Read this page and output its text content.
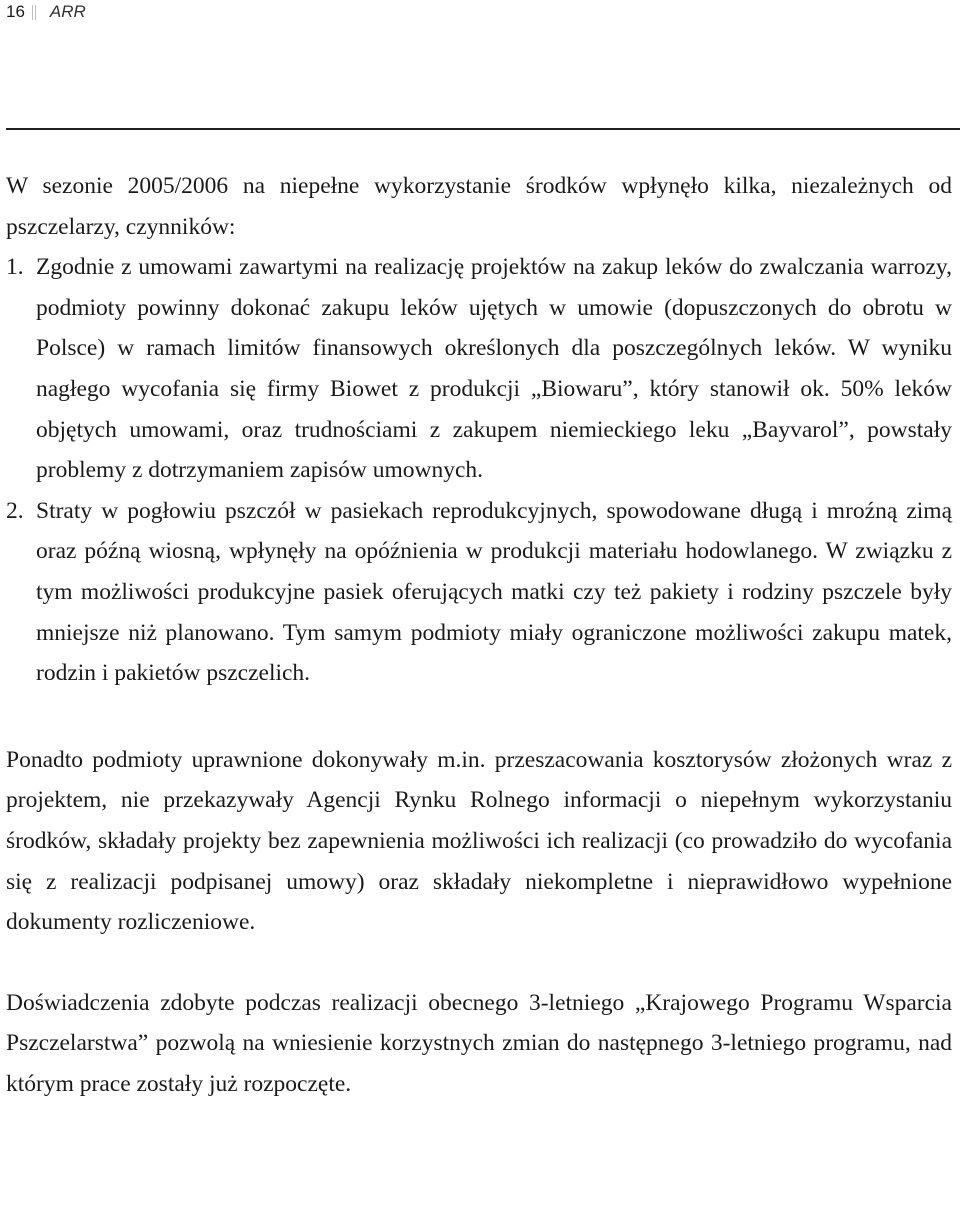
16 ARR

W sezonie 2005/2006 na niepełne wykorzystanie środków wpłynęło kilka, niezależnych od pszczelarzy, czynników:

1. Zgodnie z umowami zawartymi na realizację projektów na zakup leków do zwalczania warrozy, podmioty powinny dokonać zakupu leków ujętych w umowie (dopuszczonych do obrotu w Polsce) w ramach limitów finansowych określonych dla poszczególnych leków. W wyniku nagłego wycofania się firmy Biowet z produkcji „Biowaru”, który stanowił ok. 50% leków objętych umowami, oraz trudnościami z zakupem niemieckiego leku „Bayvarol”, powstały problemy z dotrzymaniem zapisów umownych.
2. Straty w pogłowiu pszczół w pasiekach reprodukcyjnych, spowodowane długą i mroźną zimą oraz późną wiosną, wpłynęły na opóźnienia w produkcji materiału hodowlanego. W związku z tym możliwości produkcyjne pasiek oferujących matki czy też pakiety i rodziny pszczele były mniejsze niż planowano. Tym samym podmioty miały ograniczone możliwości zakupu matek, rodzin i pakietów pszczelich.

Ponadto podmioty uprawnione dokonywały m.in. przeszacowania kosztorysów złożonych wraz z projektem, nie przekazywały Agencji Rynku Rolnego informacji o niepełnym wykorzystaniu środków, składały projekty bez zapewnienia możliwości ich realizacji (co prowadziło do wycofania się z realizacji podpisanej umowy) oraz składały niekompletne i nieprawidłowo wypełnione dokumenty rozliczeniowe.

Doświadczenia zdobyte podczas realizacji obecnego 3-letniego „Krajowego Programu Wsparcia Pszczelarstwa” pozwolą na wniesienie korzystnych zmian do następnego 3-letniego programu, nad którym prace zostały już rozpoczęte.
